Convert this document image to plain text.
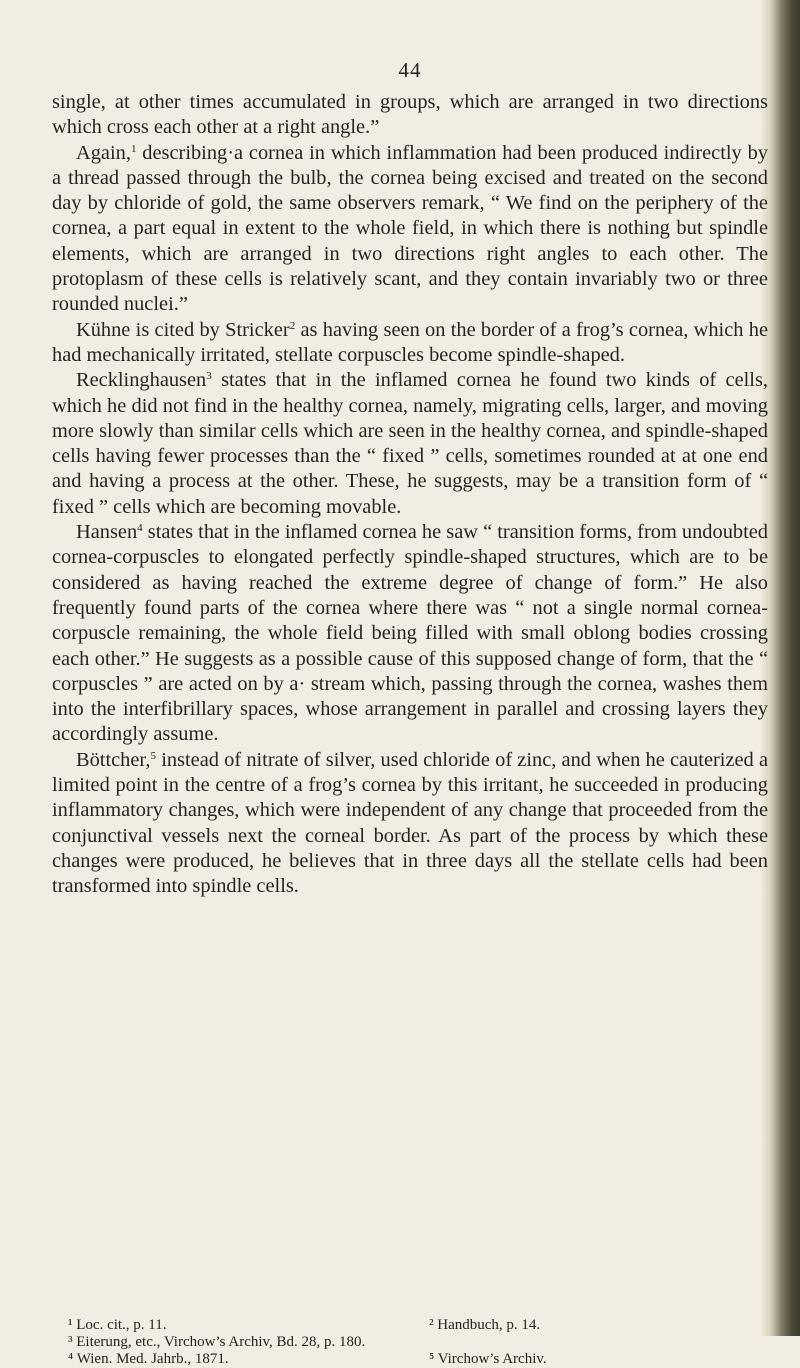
44

single, at other times accumulated in groups, which are arranged in two directions which cross each other at a right angle.”

Again,$^1$ describing·a cornea in which inflammation had been produced indirectly by a thread passed through the bulb, the cornea being excised and treated on the second day by chloride of gold, the same observers remark, “ We find on the periphery of the cornea, a part equal in extent to the whole field, in which there is nothing but spindle elements, which are arranged in two directions right angles to each other. The protoplasm of these cells is relatively scant, and they contain invariably two or three rounded nuclei.”

Kühne is cited by Stricker$^2$ as having seen on the border of a frog’s cornea, which he had mechanically irritated, stellate corpuscles become spindle-shaped.

Recklinghausen$^3$ states that in the inflamed cornea he found two kinds of cells, which he did not find in the healthy cornea, namely, migrating cells, larger, and moving more slowly than similar cells which are seen in the healthy cornea, and spindle-shaped cells having fewer processes than the “ fixed ” cells, sometimes rounded at at one end and having a process at the other. These, he suggests, may be a transition form of “ fixed ” cells which are becoming movable.

Hansen$^4$ states that in the inflamed cornea he saw “ transition forms, from undoubted cornea-corpuscles to elongated perfectly spindle-shaped structures, which are to be considered as having reached the extreme degree of change of form.” He also frequently found parts of the cornea where there was “ not a single normal cornea-corpuscle remaining, the whole field being filled with small oblong bodies crossing each other.” He suggests as a possible cause of this supposed change of form, that the “ corpuscles ” are acted on by a· stream which, passing through the cornea, washes them into the interfibrillary spaces, whose arrangement in parallel and crossing layers they accordingly assume.

Böttcher,$^5$ instead of nitrate of silver, used chloride of zinc, and when he cauterized a limited point in the centre of a frog’s cornea by this irritant, he succeeded in producing inflammatory changes, which were independent of any change that proceeded from the conjunctival vessels next the corneal border. As part of the process by which these changes were produced, he believes that in three days all the stellate cells had been transformed into spindle cells.

¹ Loc. cit., p. 11.	² Handbuch, p. 14.
³ Eiterung, etc., Virchow’s Archiv, Bd. 28, p. 180.
⁴ Wien. Med. Jahrb., 1871.	⁵ Virchow’s Archiv.
